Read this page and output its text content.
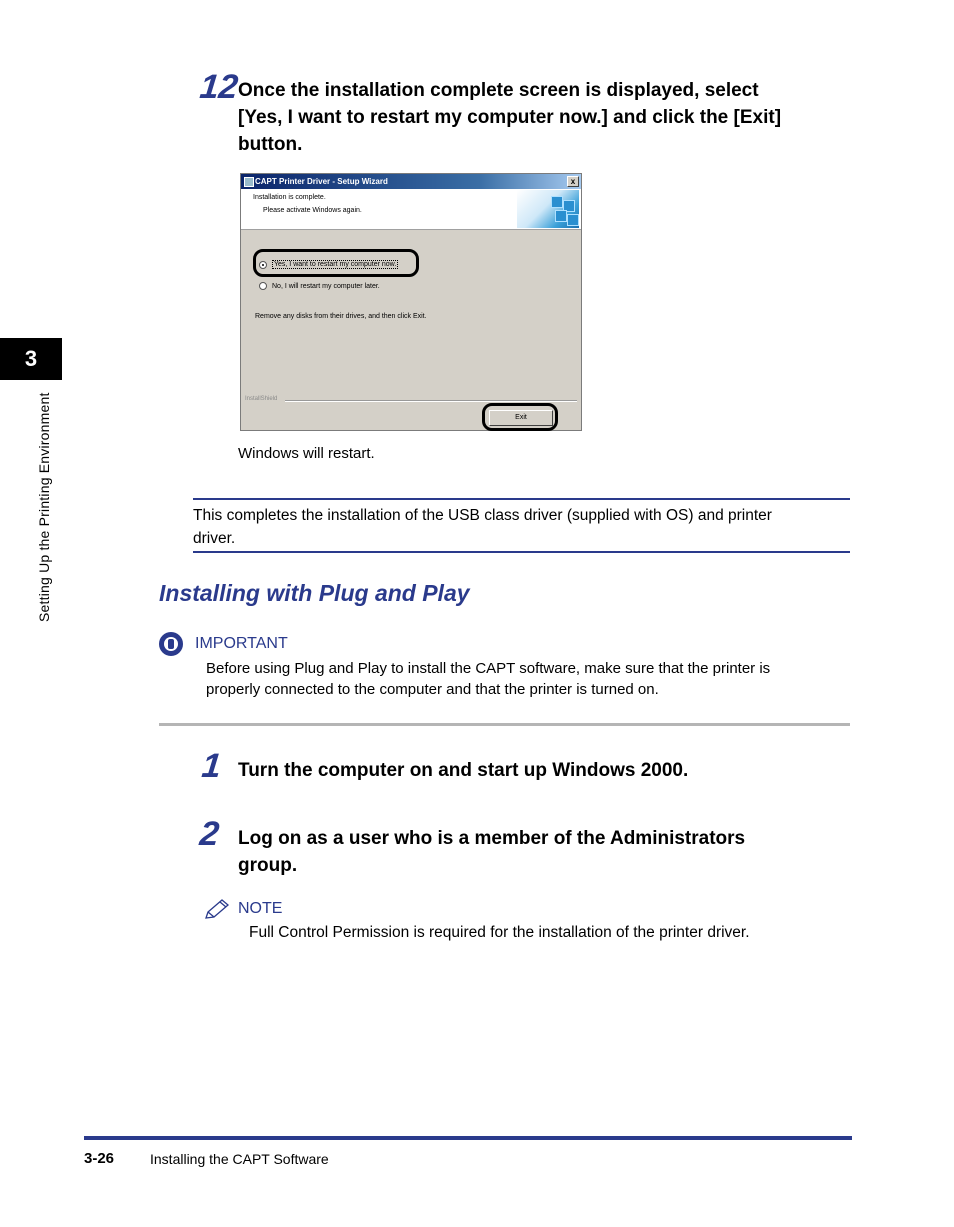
3
Setting Up the Printing Environment
12
Once the installation complete screen is displayed, select
[Yes, I want to restart my computer now.] and click the [Exit]
button.
CAPT Printer Driver - Setup Wizard	x
Installation is complete.
Please activate Windows again.
Yes, I want to restart my computer now.
No, I will restart my computer later.
Remove any disks from their drives, and then click Exit.
InstallShield
Exit
Windows will restart.
This completes the installation of the USB class driver (supplied with OS) and printer
driver.
Installing with Plug and Play
IMPORTANT
Before using Plug and Play to install the CAPT software, make sure that the printer is
properly connected to the computer and that the printer is turned on.
1 Turn the computer on and start up Windows 2000.
2 Log on as a user who is a member of the Administrators
group.
NOTE
Full Control Permission is required for the installation of the printer driver.
3-26	Installing the CAPT Software
